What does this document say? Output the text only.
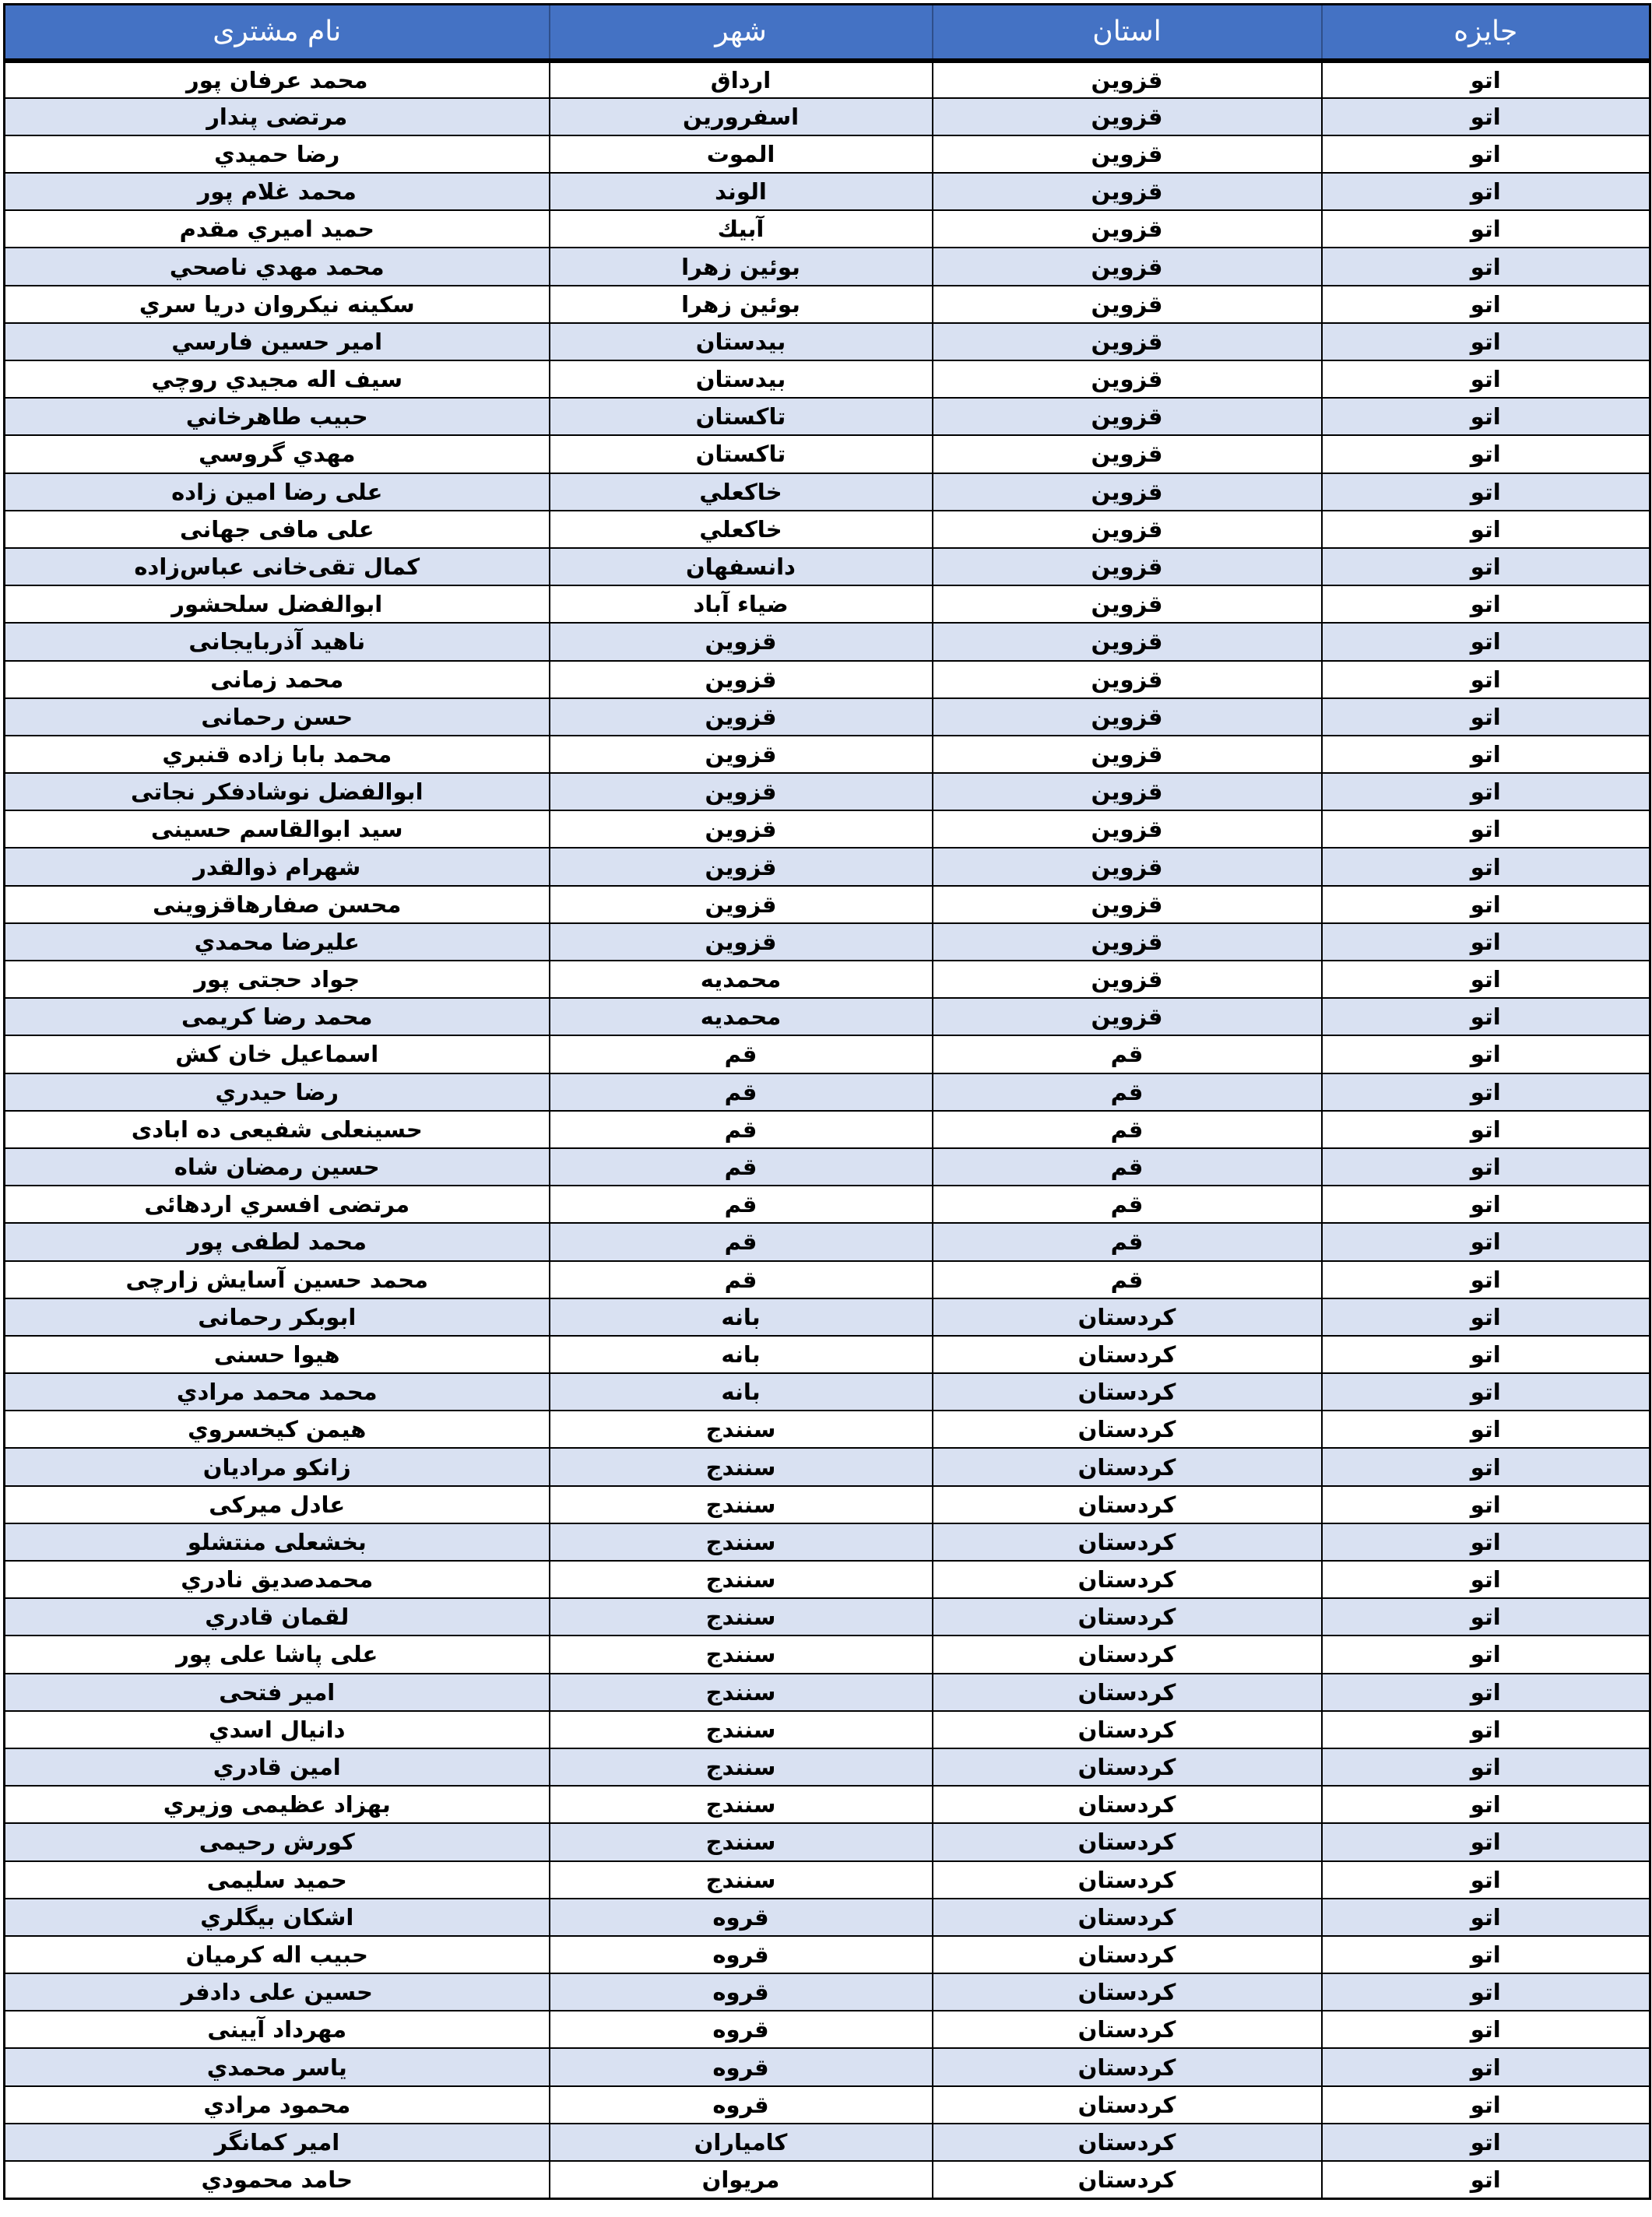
نام مشتری	شهر	استان	جایزه
محمد عرفان پور	ارداق	قزوين	اتو
مرتضی پندار	اسفرورين	قزوين	اتو
رضا حميدي	الموت	قزوين	اتو
محمد غلام پور	الوند	قزوين	اتو
حميد اميري مقدم	آبيك	قزوين	اتو
محمد مهدي ناصحي	بوئين زهرا	قزوين	اتو
سكينه نيكروان دريا سري	بوئين زهرا	قزوين	اتو
امير حسين فارسي	بيدستان	قزوين	اتو
سيف اله مجيدي روچي	بيدستان	قزوين	اتو
حبيب طاهرخاني	تاكستان	قزوين	اتو
مهدي گروسي	تاكستان	قزوين	اتو
علی رضا امين زاده	خاكعلي	قزوين	اتو
علی مافی جهانی	خاكعلي	قزوين	اتو
کمال تقی‌خانی عباس‌زاده	دانسفهان	قزوين	اتو
ابوالفضل سلحشور	ضياء آباد	قزوين	اتو
ناهيد آذربايجانی	قزوين	قزوين	اتو
محمد زمانی	قزوين	قزوين	اتو
حسن رحمانی	قزوين	قزوين	اتو
محمد بابا زاده قنبري	قزوين	قزوين	اتو
ابوالفضل نوشادفكر نجاتی	قزوين	قزوين	اتو
سيد ابوالقاسم حسينی	قزوين	قزوين	اتو
شهرام ذوالقدر	قزوين	قزوين	اتو
محسن صفارهاقزوينی	قزوين	قزوين	اتو
عليرضا محمدي	قزوين	قزوين	اتو
جواد حجتی پور	محمديه	قزوين	اتو
محمد رضا كريمی	محمديه	قزوين	اتو
اسماعيل خان كش	قم	قم	اتو
رضا حيدري	قم	قم	اتو
حسينعلی شفيعی ده ابادی	قم	قم	اتو
حسين رمضان شاه	قم	قم	اتو
مرتضی افسري اردهائی	قم	قم	اتو
محمد لطفی پور	قم	قم	اتو
محمد حسين آسايش زارچی	قم	قم	اتو
ابوبكر رحمانی	بانه	كردستان	اتو
هيوا حسنی	بانه	كردستان	اتو
محمد محمد مرادي	بانه	كردستان	اتو
هيمن كيخسروي	سنندج	كردستان	اتو
زانكو مراديان	سنندج	كردستان	اتو
عادل ميركی	سنندج	كردستان	اتو
بخشعلی منتشلو	سنندج	كردستان	اتو
محمدصديق نادري	سنندج	كردستان	اتو
لقمان قادري	سنندج	كردستان	اتو
علی پاشا علی پور	سنندج	كردستان	اتو
امير فتحی	سنندج	كردستان	اتو
دانيال اسدي	سنندج	كردستان	اتو
امين قادري	سنندج	كردستان	اتو
بهزاد عظيمی وزيري	سنندج	كردستان	اتو
كورش رحيمی	سنندج	كردستان	اتو
حميد سليمی	سنندج	كردستان	اتو
اشكان بيگلري	قروه	كردستان	اتو
حبيب اله كرميان	قروه	كردستان	اتو
حسين علی دادفر	قروه	كردستان	اتو
مهرداد آيينی	قروه	كردستان	اتو
ياسر محمدي	قروه	كردستان	اتو
محمود مرادي	قروه	كردستان	اتو
امير كمانگر	كامياران	كردستان	اتو
حامد محمودي	مريوان	كردستان	اتو
